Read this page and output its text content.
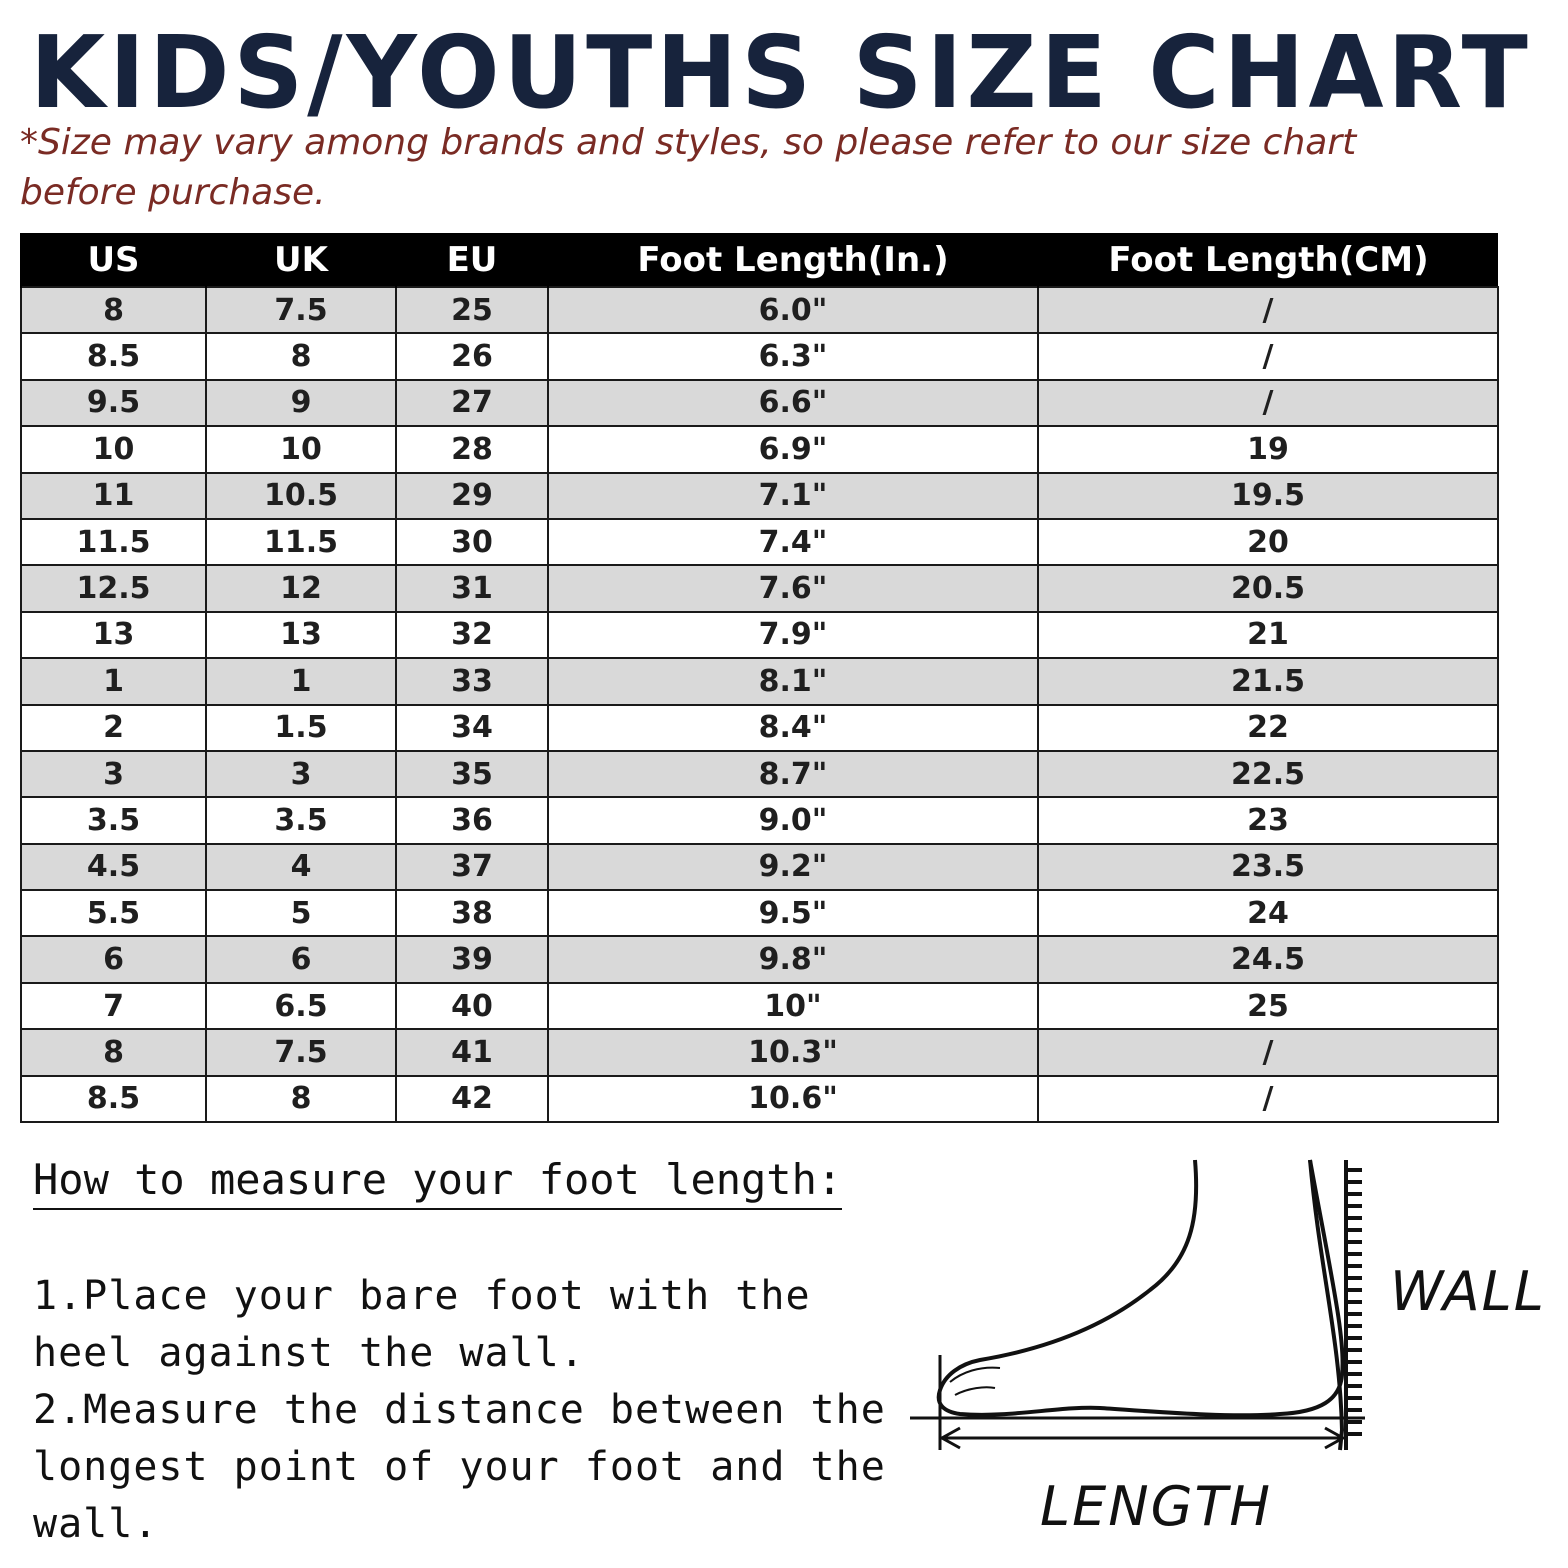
KIDS/YOUTHS SIZE CHART
*Size may vary among brands and styles, so please refer to our size chart before purchase.
US	UK	EU	Foot Length(In.)	Foot Length(CM)
8	7.5	25	6.0"	/
8.5	8	26	6.3"	/
9.5	9	27	6.6"	/
10	10	28	6.9"	19
11	10.5	29	7.1"	19.5
11.5	11.5	30	7.4"	20
12.5	12	31	7.6"	20.5
13	13	32	7.9"	21
1	1	33	8.1"	21.5
2	1.5	34	8.4"	22
3	3	35	8.7"	22.5
3.5	3.5	36	9.0"	23
4.5	4	37	9.2"	23.5
5.5	5	38	9.5"	24
6	6	39	9.8"	24.5
7	6.5	40	10"	25
8	7.5	41	10.3"	/
8.5	8	42	10.6"	/
How to measure your foot length:
1.Place your bare foot with the heel against the wall.
2.Measure the distance between the longest point of your foot and the wall.
WALL
LENGTH
